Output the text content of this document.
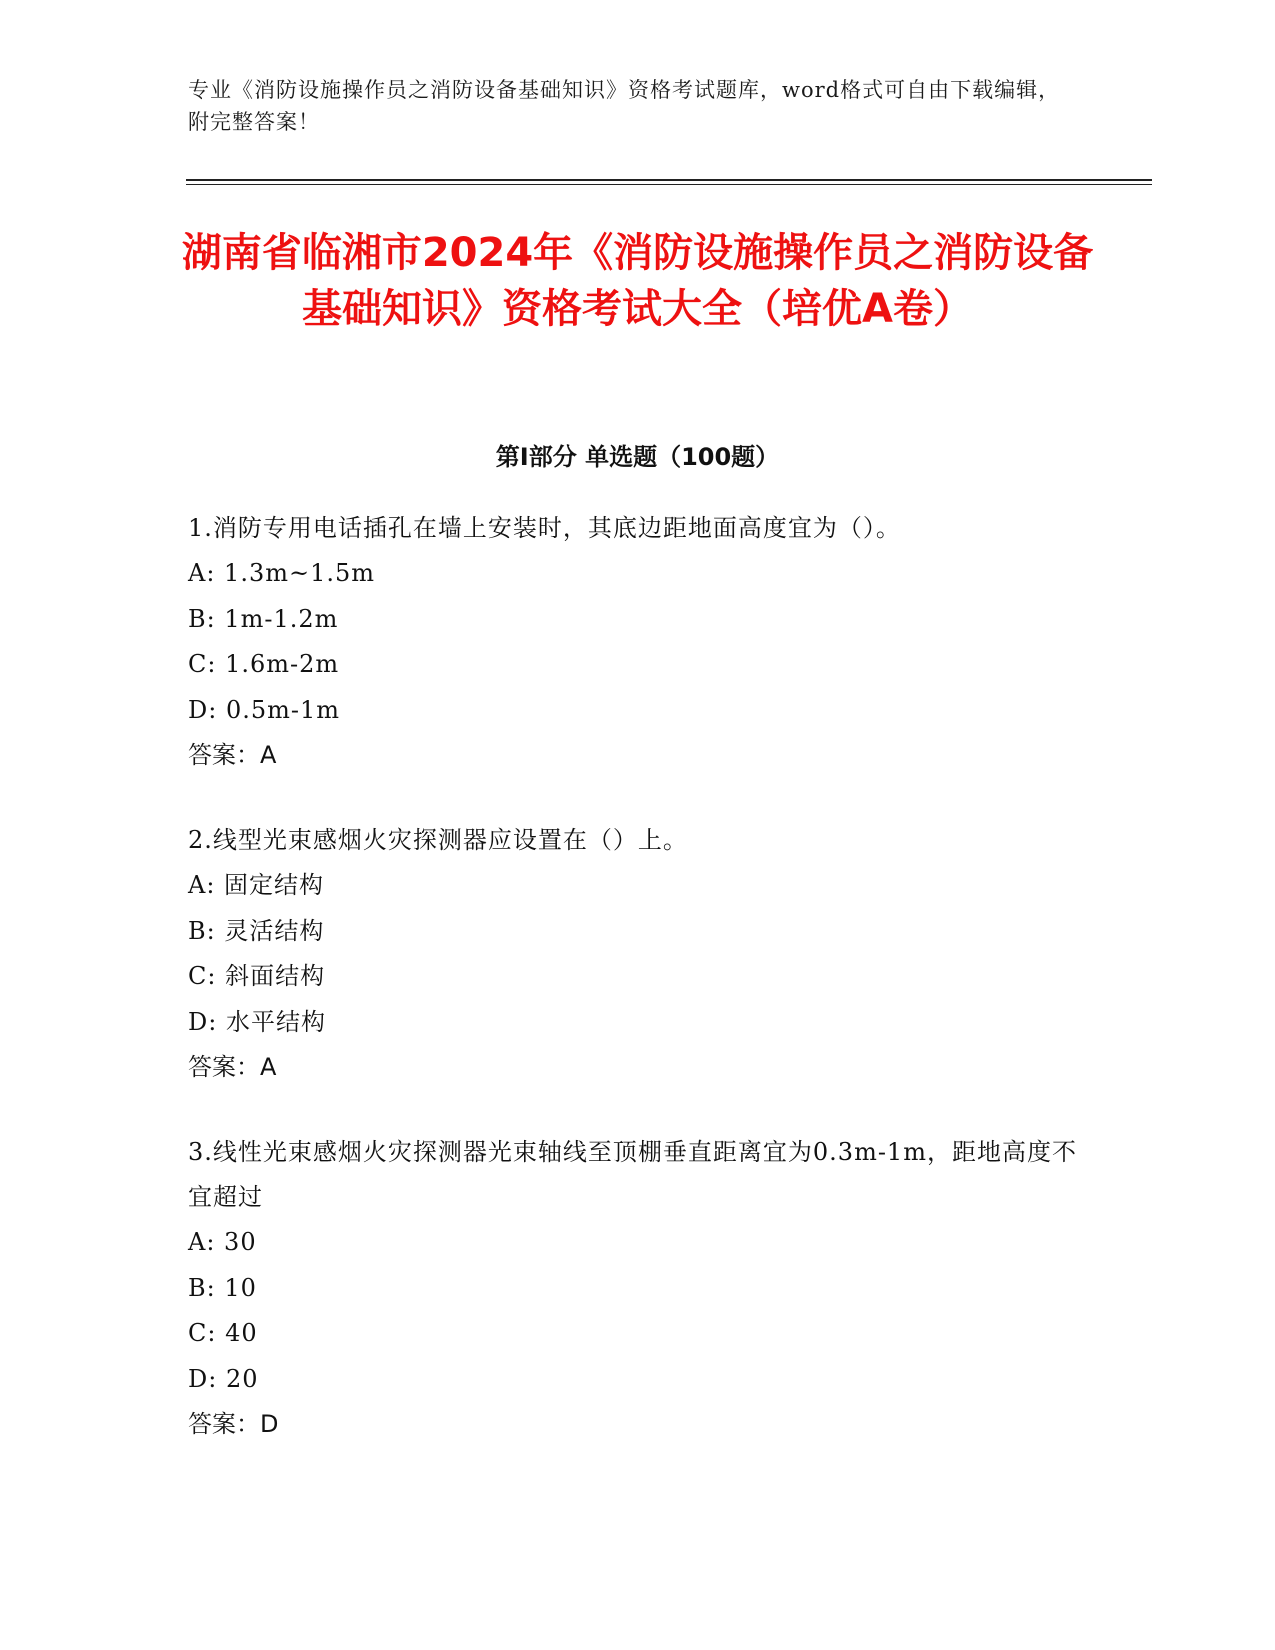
专业《消防设施操作员之消防设备基础知识》资格考试题库，word格式可自由下载编辑，附完整答案！
湖南省临湘市2024年《消防设施操作员之消防设备基础知识》资格考试大全（培优A卷）
第I部分 单选题（100题）
1.消防专用电话插孔在墙上安装时，其底边距地面高度宜为（）。
A: 1.3m~1.5m
B: 1m-1.2m
C: 1.6m-2m
D: 0.5m-1m
答案：A
2.线型光束感烟火灾探测器应设置在（）上。
A: 固定结构
B: 灵活结构
C: 斜面结构
D: 水平结构
答案：A
3.线性光束感烟火灾探测器光束轴线至顶棚垂直距离宜为0.3m-1m，距地高度不宜超过
A: 30
B: 10
C: 40
D: 20
答案：D
